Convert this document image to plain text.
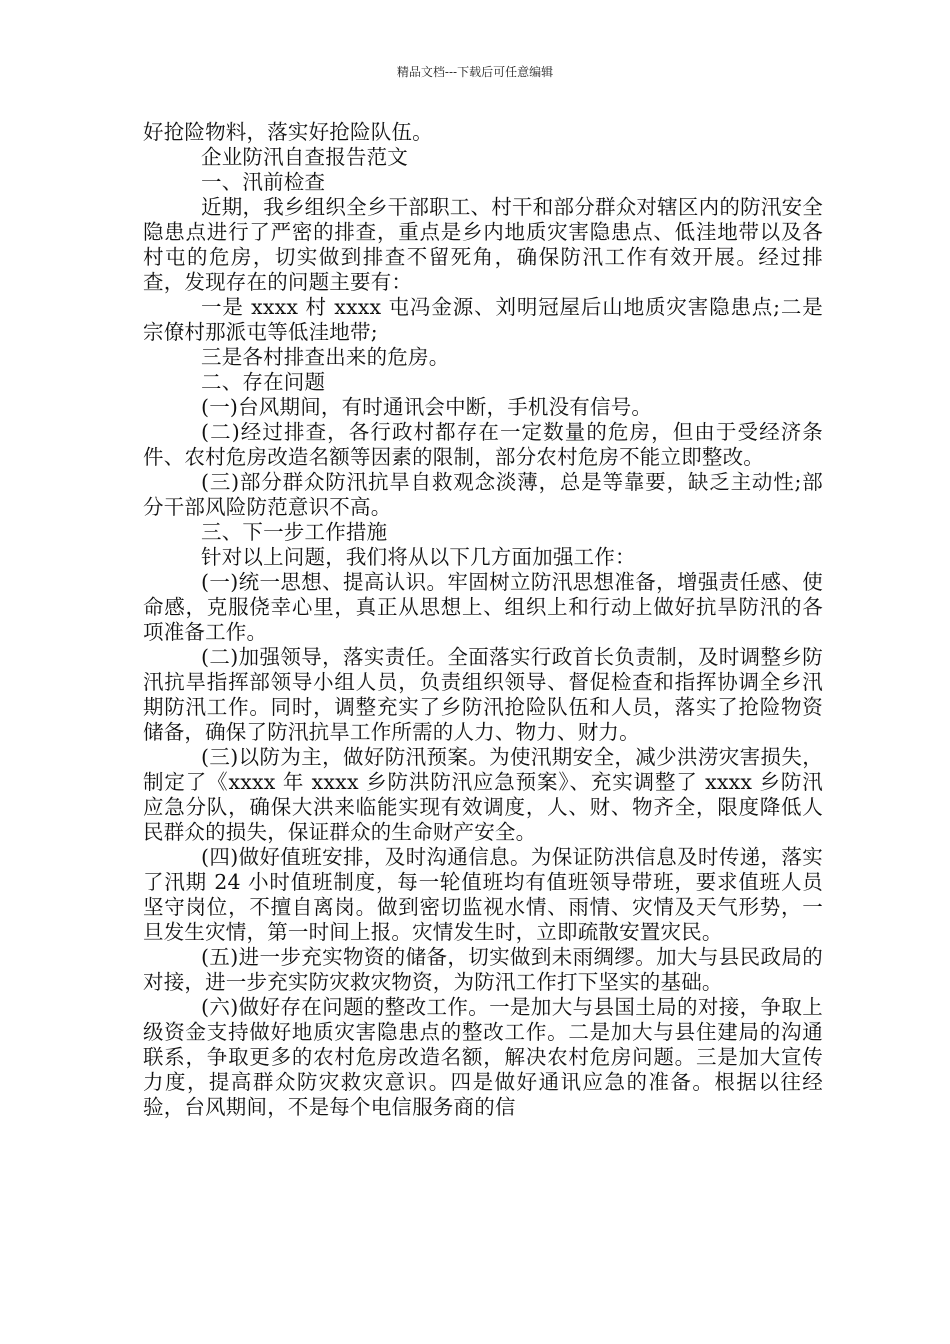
精品文档---下载后可任意编辑

好抢险物料，落实好抢险队伍。

企业防汛自查报告范文

一、汛前检查

近期，我乡组织全乡干部职工、村干和部分群众对辖区内的防汛安全隐患点进行了严密的排查，重点是乡内地质灾害隐患点、低洼地带以及各村屯的危房，切实做到排查不留死角，确保防汛工作有效开展。经过排查，发现存在的问题主要有：

一是 xxxx 村 xxxx 屯冯金源、刘明冠屋后山地质灾害隐患点;二是宗僚村那派屯等低洼地带;

三是各村排查出来的危房。

二、存在问题

(一)台风期间，有时通讯会中断，手机没有信号。

(二)经过排查，各行政村都存在一定数量的危房，但由于受经济条件、农村危房改造名额等因素的限制，部分农村危房不能立即整改。

(三)部分群众防汛抗旱自救观念淡薄，总是等靠要，缺乏主动性;部分干部风险防范意识不高。

三、下一步工作措施

针对以上问题，我们将从以下几方面加强工作：

(一)统一思想、提高认识。牢固树立防汛思想准备，增强责任感、使命感，克服侥幸心里，真正从思想上、组织上和行动上做好抗旱防汛的各项准备工作。

(二)加强领导，落实责任。全面落实行政首长负责制，及时调整乡防汛抗旱指挥部领导小组人员，负责组织领导、督促检查和指挥协调全乡汛期防汛工作。同时，调整充实了乡防汛抢险队伍和人员，落实了抢险物资储备，确保了防汛抗旱工作所需的人力、物力、财力。

(三)以防为主，做好防汛预案。为使汛期安全，减少洪涝灾害损失，制定了《xxxx 年 xxxx 乡防洪防汛应急预案》、充实调整了 xxxx 乡防汛应急分队，确保大洪来临能实现有效调度，人、财、物齐全，限度降低人民群众的损失，保证群众的生命财产安全。

(四)做好值班安排，及时沟通信息。为保证防洪信息及时传递，落实了汛期 24 小时值班制度，每一轮值班均有值班领导带班，要求值班人员坚守岗位，不擅自离岗。做到密切监视水情、雨情、灾情及天气形势，一旦发生灾情，第一时间上报。灾情发生时，立即疏散安置灾民。

(五)进一步充实物资的储备，切实做到未雨绸缪。加大与县民政局的对接，进一步充实防灾救灾物资，为防汛工作打下坚实的基础。

(六)做好存在问题的整改工作。一是加大与县国土局的对接，争取上级资金支持做好地质灾害隐患点的整改工作。二是加大与县住建局的沟通联系，争取更多的农村危房改造名额，解决农村危房问题。三是加大宣传力度，提高群众防灾救灾意识。四是做好通讯应急的准备。根据以往经验，台风期间，不是每个电信服务商的信
